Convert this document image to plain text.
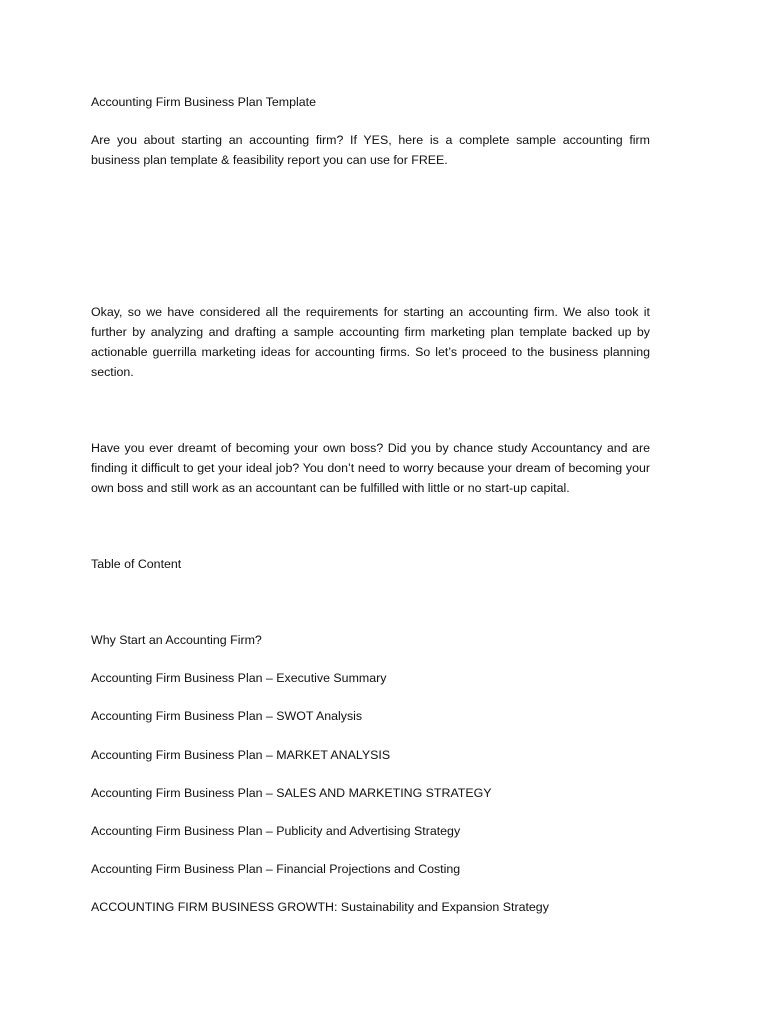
Accounting Firm Business Plan Template

Are you about starting an accounting firm? If YES, here is a complete sample accounting firm business plan template & feasibility report you can use for FREE.

Okay, so we have considered all the requirements for starting an accounting firm. We also took it further by analyzing and drafting a sample accounting firm marketing plan template backed up by actionable guerrilla marketing ideas for accounting firms. So let’s proceed to the business planning section.

Have you ever dreamt of becoming your own boss? Did you by chance study Accountancy and are finding it difficult to get your ideal job? You don’t need to worry because your dream of becoming your own boss and still work as an accountant can be fulfilled with little or no start-up capital.

Table of Content

Why Start an Accounting Firm?
Accounting Firm Business Plan – Executive Summary
Accounting Firm Business Plan – SWOT Analysis
Accounting Firm Business Plan – MARKET ANALYSIS
Accounting Firm Business Plan – SALES AND MARKETING STRATEGY
Accounting Firm Business Plan – Publicity and Advertising Strategy
Accounting Firm Business Plan – Financial Projections and Costing
ACCOUNTING FIRM BUSINESS GROWTH: Sustainability and Expansion Strategy
